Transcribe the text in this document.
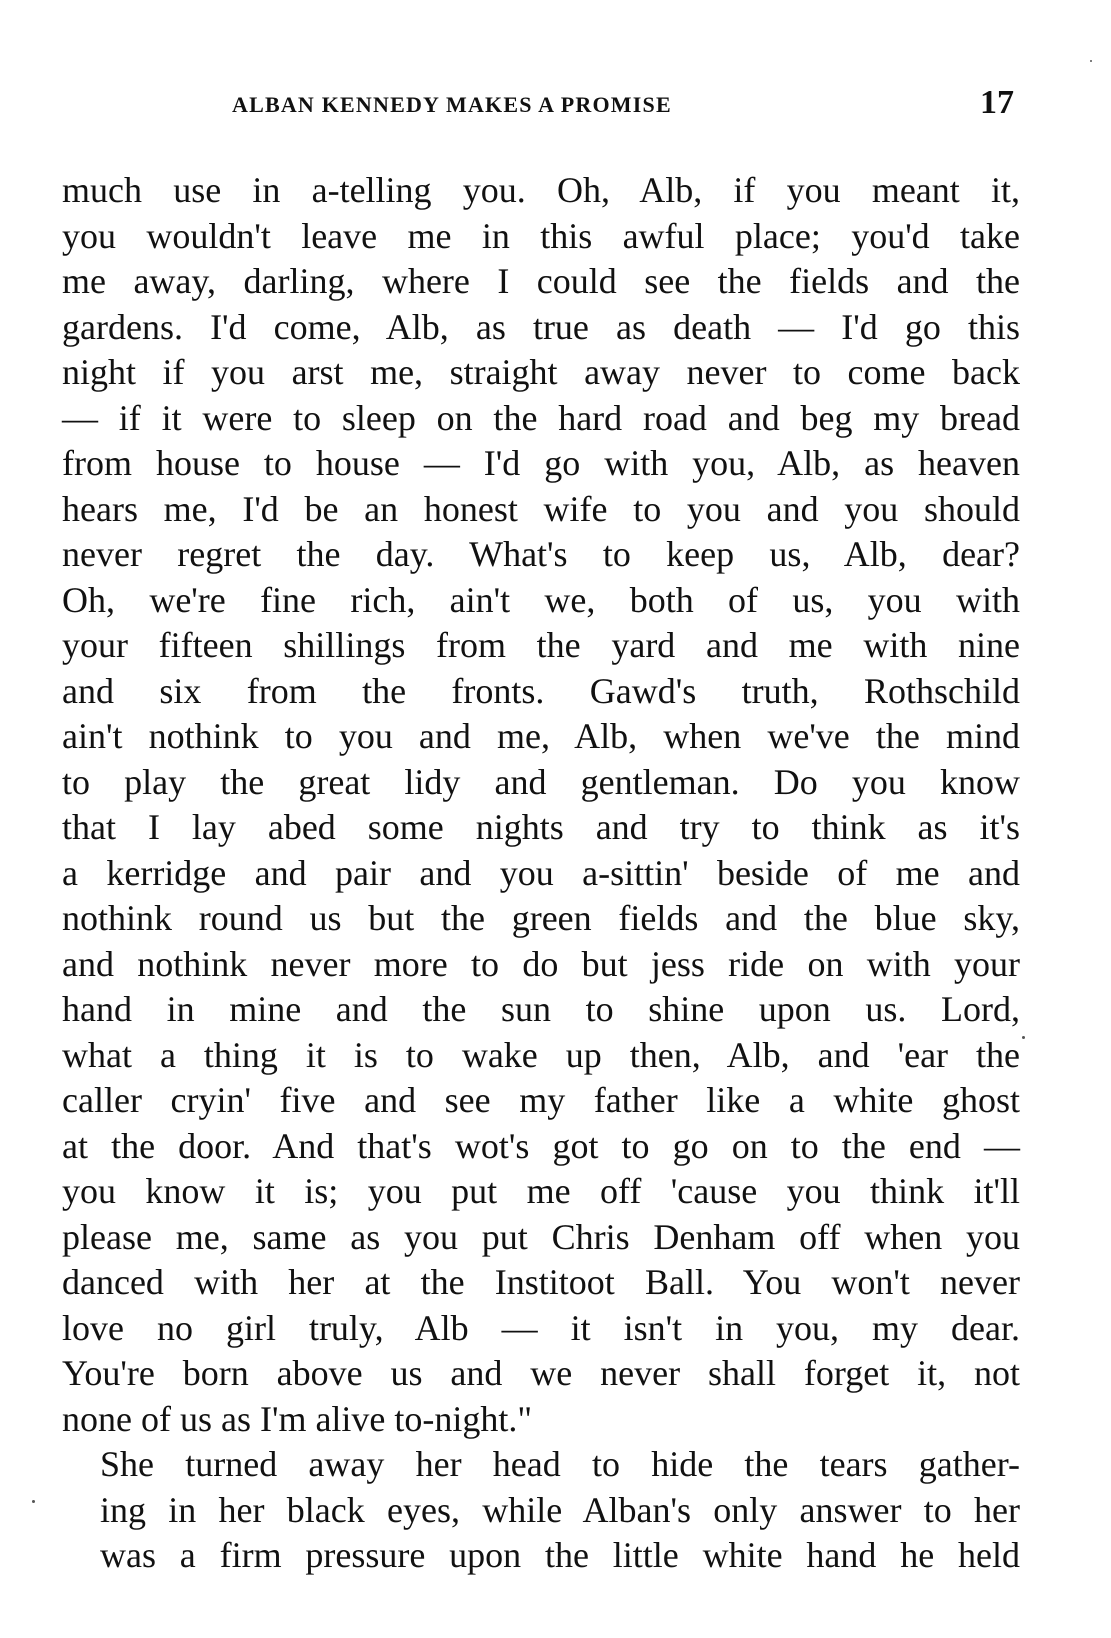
ALBAN KENNEDY MAKES A PROMISE	17

much use in a-telling you. Oh, Alb, if you meant it,
you wouldn't leave me in this awful place; you'd take
me away, darling, where I could see the fields and the
gardens. I'd come, Alb, as true as death — I'd go this
night if you arst me, straight away never to come back
— if it were to sleep on the hard road and beg my bread
from house to house — I'd go with you, Alb, as heaven
hears me, I'd be an honest wife to you and you should
never regret the day. What's to keep us, Alb, dear?
Oh, we're fine rich, ain't we, both of us, you with
your fifteen shillings from the yard and me with nine
and six from the fronts. Gawd's truth, Rothschild
ain't nothink to you and me, Alb, when we've the mind
to play the great lidy and gentleman. Do you know
that I lay abed some nights and try to think as it's
a kerridge and pair and you a-sittin' beside of me and
nothink round us but the green fields and the blue sky,
and nothink never more to do but jess ride on with your
hand in mine and the sun to shine upon us. Lord,
what a thing it is to wake up then, Alb, and 'ear the
caller cryin' five and see my father like a white ghost
at the door. And that's wot's got to go on to the end —
you know it is; you put me off 'cause you think it'll
please me, same as you put Chris Denham off when you
danced with her at the Institoot Ball. You won't never
love no girl truly, Alb — it isn't in you, my dear.
You're born above us and we never shall forget it, not
none of us as I'm alive to-night."

She turned away her head to hide the tears gather-
ing in her black eyes, while Alban's only answer to her
was a firm pressure upon the little white hand he held
